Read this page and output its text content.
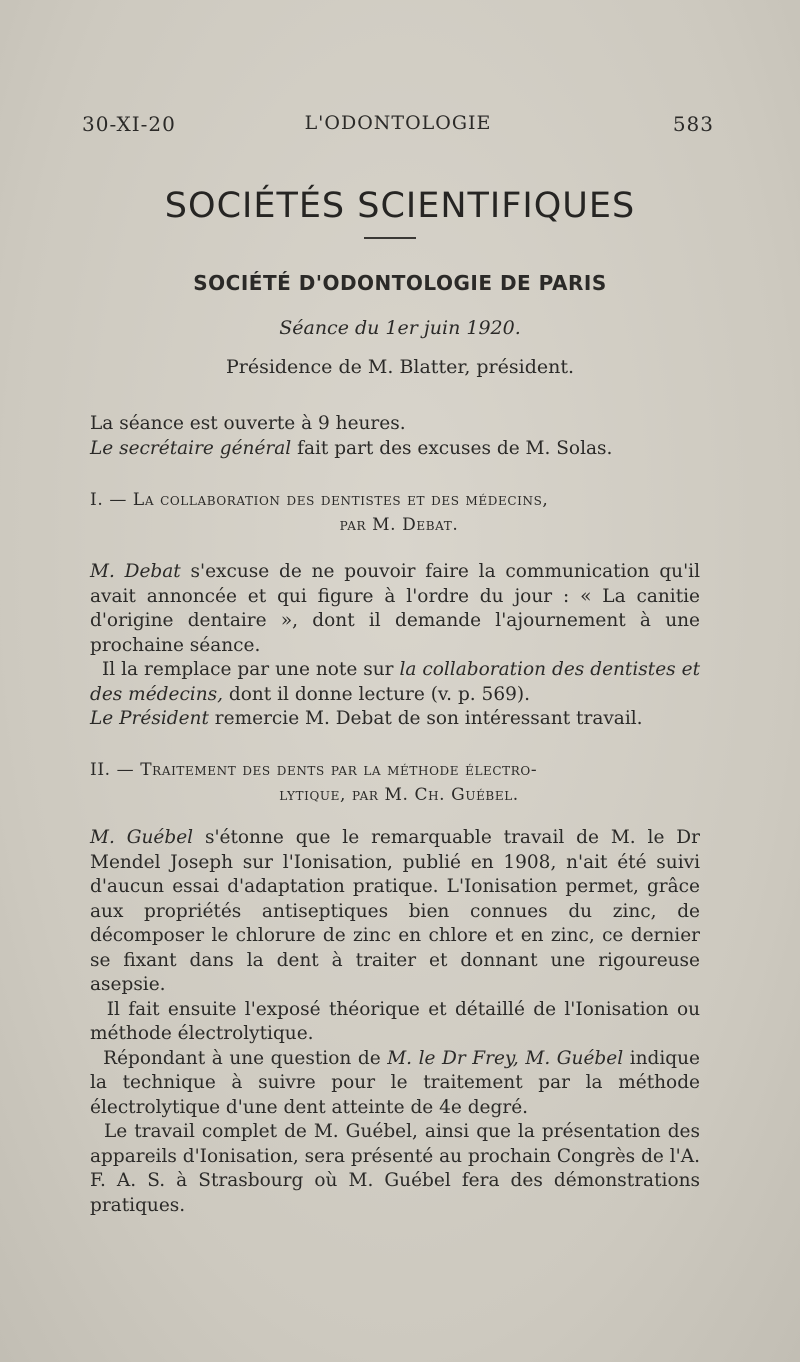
30-XI-20	L'ODONTOLOGIE	583
SOCIÉTÉS SCIENTIFIQUES
SOCIÉTÉ D'ODONTOLOGIE DE PARIS
Séance du 1er juin 1920.
Présidence de M. Blatter, président.

La séance est ouverte à 9 heures.

Le secrétaire général fait part des excuses de M. Solas.

I. — La collaboration des dentistes et des médecins,
par M. Debat.

M. Debat s'excuse de ne pouvoir faire la communication qu'il avait annoncée et qui figure à l'ordre du jour : « La canitie d'origine dentaire », dont il demande l'ajournement à une prochaine séance.

Il la remplace par une note sur la collaboration des dentistes et des médecins, dont il donne lecture (v. p. 569).

Le Président remercie M. Debat de son intéressant travail.

II. — Traitement des dents par la méthode électro-
lytique, par M. Ch. Guébel.

M. Guébel s'étonne que le remarquable travail de M. le Dr Mendel Joseph sur l'Ionisation, publié en 1908, n'ait été suivi d'aucun essai d'adaptation pratique. L'Ionisation permet, grâce aux propriétés antiseptiques bien connues du zinc, de décomposer le chlorure de zinc en chlore et en zinc, ce dernier se fixant dans la dent à traiter et donnant une rigoureuse asepsie.

Il fait ensuite l'exposé théorique et détaillé de l'Ionisation ou méthode électrolytique.

Répondant à une question de M. le Dr Frey, M. Guébel indique la technique à suivre pour le traitement par la méthode électrolytique d'une dent atteinte de 4e degré.

Le travail complet de M. Guébel, ainsi que la présentation des appareils d'Ionisation, sera présenté au prochain Congrès de l'A. F. A. S. à Strasbourg où M. Guébel fera des démonstrations pratiques.
